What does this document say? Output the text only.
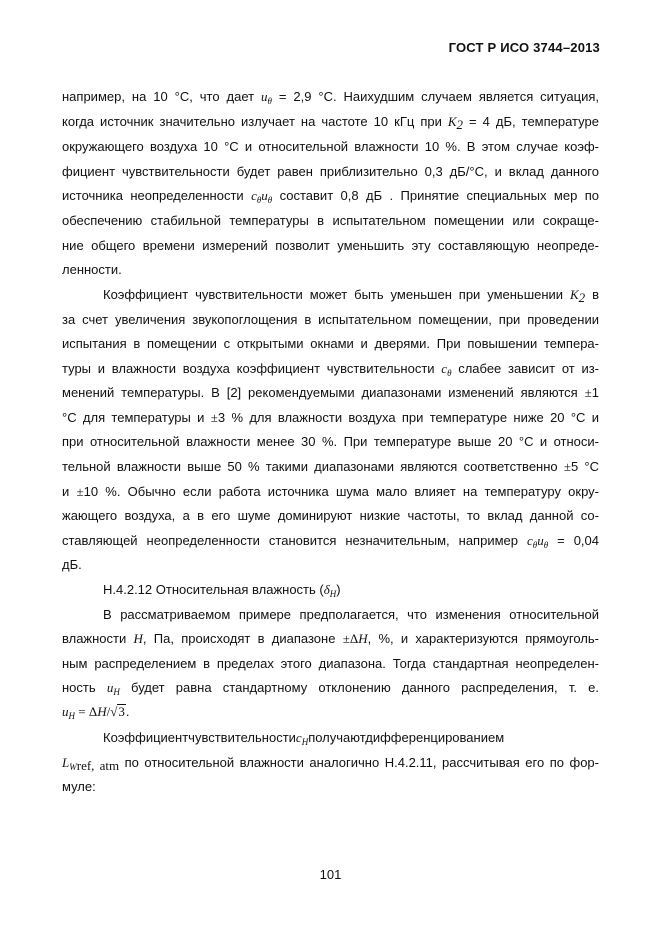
ГОСТ Р ИСО 3744–2013
например, на 10 °С, что дает $u_\theta = 2,9$ °С. Наихудшим случаем является ситуация,
когда источник значительно излучает на частоте 10 кГц при $K_2 = 4$ дБ, температуре
окружающего воздуха 10 °С и относительной влажности 10 %. В этом случае коэф-
фициент чувствительности будет равен приблизительно 0,3 дБ/°С, и вклад данного
источника неопределенности $c_\theta u_\theta$ составит 0,8 дБ . Принятие специальных мер по
обеспечению стабильной температуры в испытательном помещении или сокраще-
ние общего времени измерений позволит уменьшить эту составляющую неопреде-
ленности.
Коэффициент чувствительности может быть уменьшен при уменьшении $K_2$ в
за счет увеличения звукопоглощения в испытательном помещении, при проведении
испытания в помещении с открытыми окнами и дверями. При повышении темпера-
туры и влажности воздуха коэффициент чувствительности $c_\theta$ слабее зависит от из-
менений температуры. В [2] рекомендуемыми диапазонами изменений являются ±1
°С для температуры и ±3 % для влажности воздуха при температуре ниже 20 °С и
при относительной влажности менее 30 %. При температуре выше 20 °С и относи-
тельной влажности выше 50 % такими диапазонами являются соответственно ±5 °С
и ±10 %. Обычно если работа источника шума мало влияет на температуру окру-
жающего воздуха, а в его шуме доминируют низкие частоты, то вклад данной со-
ставляющей неопределенности становится незначительным, например $c_\theta u_\theta = 0,04$
дБ.
Н.4.2.12 Относительная влажность $(\delta_H)$
В рассматриваемом примере предполагается, что изменения относительной
влажности H, Па, происходят в диапазоне ±ΔH, %, и характеризуются прямоуголь-
ным распределением в пределах этого диапазона. Тогда стандартная неопределен-
ность $u_H$ будет равна стандартному отклонению данного распределения, т. е.
$u_H = \Delta H/√3$.
Коэффициентчувствительностиc$_H$получаютдифференцированием
$L_{Wref, atm}$ по относительной влажности аналогично Н.4.2.11, рассчитывая его по фор-
муле:
101
